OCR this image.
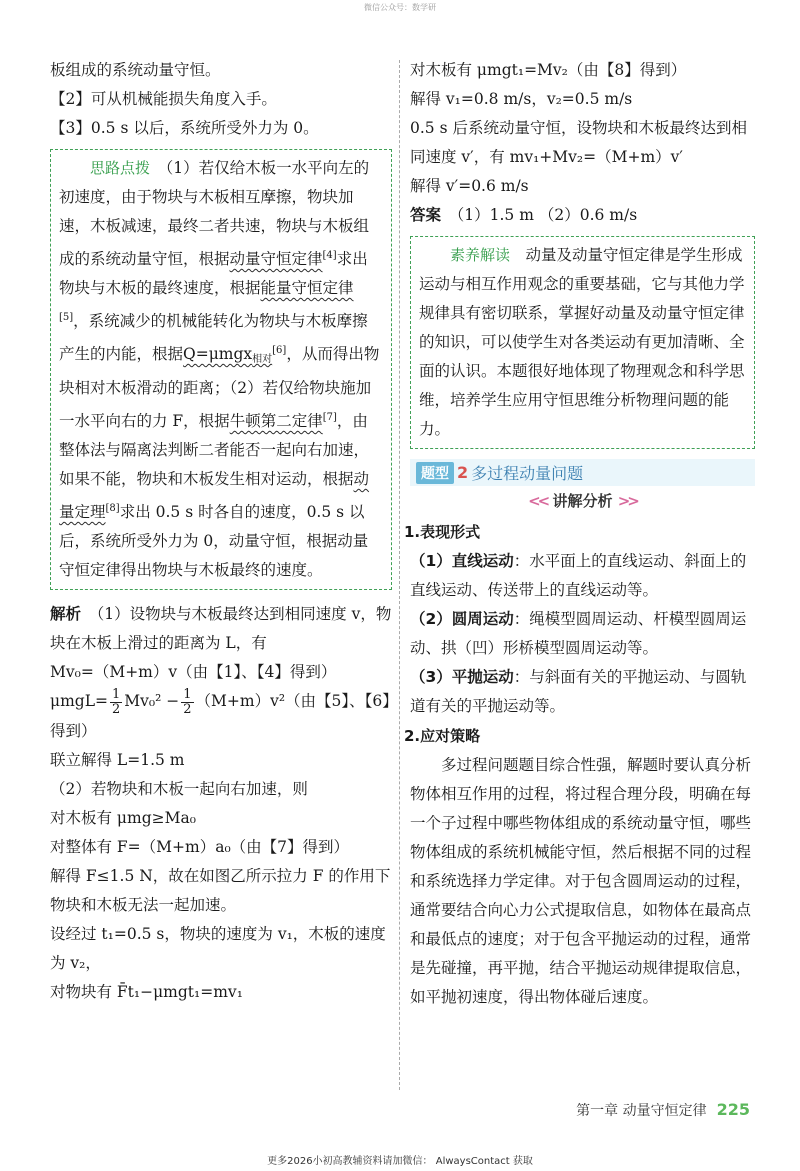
微信公众号：数学研

板组成的系统动量守恒。

【2】可从机械能损失角度入手。

【3】0.5 s 以后，系统所受外力为 0。

思路点拨　 （1）若仅给木板一水平向左的初速度，由于物块与木板相互摩擦，物块加速，木板减速，最终二者共速，物块与木板组成的系统动量守恒，根据动量守恒定律[4]求出物块与木板的最终速度，根据能量守恒定律[5]，系统减少的机械能转化为物块与木板摩擦产生的内能，根据Q=μmgx$_{相对}$[6]，从而得出物块相对木板滑动的距离；（2）若仅给物块施加一水平向右的力 F，根据牛顿第二定律[7]，由整体法与隔离法判断二者能否一起向右加速，如果不能，物块和木板发生相对运动，根据动量定理[8]求出 0.5 s 时各自的速度，0.5 s 以后，系统所受外力为 0，动量守恒，根据动量守恒定律得出物块与木板最终的速度。

解析　 （1）设物块与木板最终达到相同速度 v，物块在木板上滑过的距离为 L，有

Mv₀=（M+m）v（由【1】、【4】得到）

$\mu mgL= \frac{1}{2} Mv_0^2 - \frac{1}{2} (M+m)v^2$（由【5】、【6】得到）

联立解得 L=1.5 m

（2）若物块和木板一起向右加速，则

对木板有 μmg≥Ma₀

对整体有 F=（M+m）a₀（由【7】得到）

解得 F≤1.5 N，故在如图乙所示拉力 F 的作用下物块和木板无法一起加速。

设经过 t₁=0.5 s，物块的速度为 v₁，木板的速度为 v₂，

对物块有 F̄t₁−μmgt₁=mv₁

对木板有 μmgt₁=Mv₂（由【8】得到）

解得 v₁=0.8 m/s，v₂=0.5 m/s

0.5 s 后系统动量守恒，设物块和木板最终达到相同速度 v′，有 mv₁+Mv₂=（M+m）v′

解得 v′=0.6 m/s

答案　 （1）1.5 m （2）0.6 m/s

素养解读　 动量及动量守恒定律是学生形成运动与相互作用观念的重要基础，它与其他力学规律具有密切联系，掌握好动量及动量守恒定律的知识，可以使学生对各类运动有更加清晰、全面的认识。本题很好地体现了物理观念和科学思维，培养学生应用守恒思维分析物理问题的能力。

题型 2 多过程动量问题
<< 讲解分析 >>

1.表现形式

（1）直线运动：水平面上的直线运动、斜面上的直线运动、传送带上的直线运动等。

（2）圆周运动：绳模型圆周运动、杆模型圆周运动、拱（凹）形桥模型圆周运动等。

（3）平抛运动：与斜面有关的平抛运动、与圆轨道有关的平抛运动等。

2.应对策略

多过程问题题目综合性强，解题时要认真分析物体相互作用的过程，将过程合理分段，明确在每一个子过程中哪些物体组成的系统动量守恒，哪些物体组成的系统机械能守恒，然后根据不同的过程和系统选择力学定律。对于包含圆周运动的过程，通常要结合向心力公式提取信息，如物体在最高点和最低点的速度；对于包含平抛运动的过程，通常是先碰撞，再平抛，结合平抛运动规律提取信息，如平抛初速度，得出物体碰后速度。

第一章 动量守恒定律 225
更多2026小初高教辅资料请加微信： AlwaysContact 获取
